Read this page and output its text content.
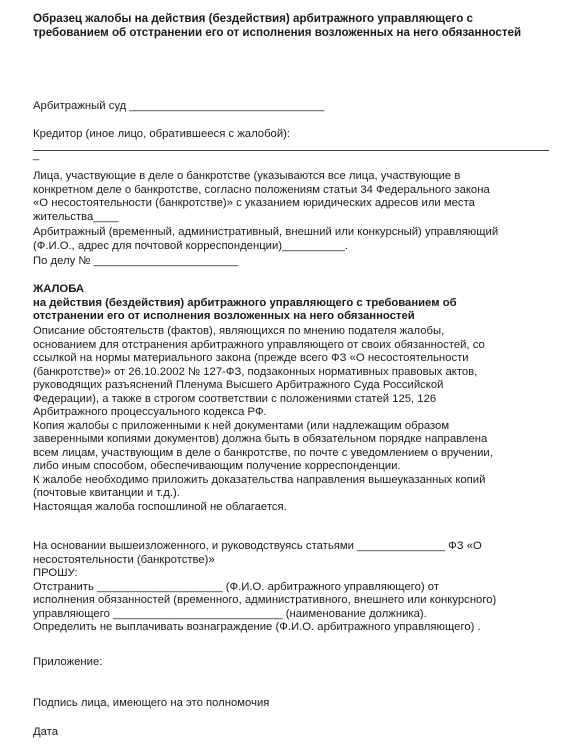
Образец жалобы на действия (бездействия) арбитражного управляющего с требованием об отстранении его от исполнения возложенных на него обязанностей

Арбитражный суд _______________________________

Кредитор (иное лицо, обратившееся с жалобой):

_

Лица, участвующие в деле о банкротстве (указываются все лица, участвующие в
конкретном деле о банкротстве, согласно положениям статьи 34 Федерального закона
«О несостоятельности (банкротстве)» с указанием юридических адресов или места
жительства____
Арбитражный (временный, административный, внешний или конкурсный) управляющий
(Ф.И.О., адрес для почтовой корреспонденции)__________.

По делу № _______________________

ЖАЛОБА
на действия (бездействия) арбитражного управляющего с требованием об
отстранении его от исполнения возложенных на него обязанностей
Описание обстоятельств (фактов), являющихся по мнению подателя жалобы,
основанием для отстранения арбитражного управляющего от своих обязанностей, со
ссылкой на нормы материального закона (прежде всего ФЗ «О несостоятельности
(банкротстве)» от 26.10.2002 № 127-ФЗ, подзаконных нормативных правовых актов,
руководящих разъяснений Пленума Высшего Арбитражного Суда Российской
Федерации), а также в строгом соответствии с положениями статей 125, 126
Арбитражного процессуального кодекса РФ.
Копия жалобы с приложенными к ней документами (или надлежащим образом
заверенными копиями документов) должна быть в обязательном порядке направлена
всем лицам, участвующим в деле о банкротстве, по почте с уведомлением о вручении,
либо иным способом, обеспечивающим получение корреспонденции.
К жалобе необходимо приложить доказательства направления вышеуказанных копий
(почтовые квитанции и т.д.).
Настоящая жалоба госпошлиной не облагается.
На основании вышеизложенного, и руководствуясь статьями ______________ ФЗ «О
несостоятельности (банкротстве)»
ПРОШУ:
Отстранить ____________________ (Ф.И.О. арбитражного управляющего) от
исполнения обязанностей (временного, административного, внешнего или конкурсного)
управляющего ___________________________ (наименование должника).
Определить не выплачивать вознаграждение (Ф.И.О. арбитражного управляющего) .

Приложение:

Подпись лица, имеющего на это полномочия

Дата
